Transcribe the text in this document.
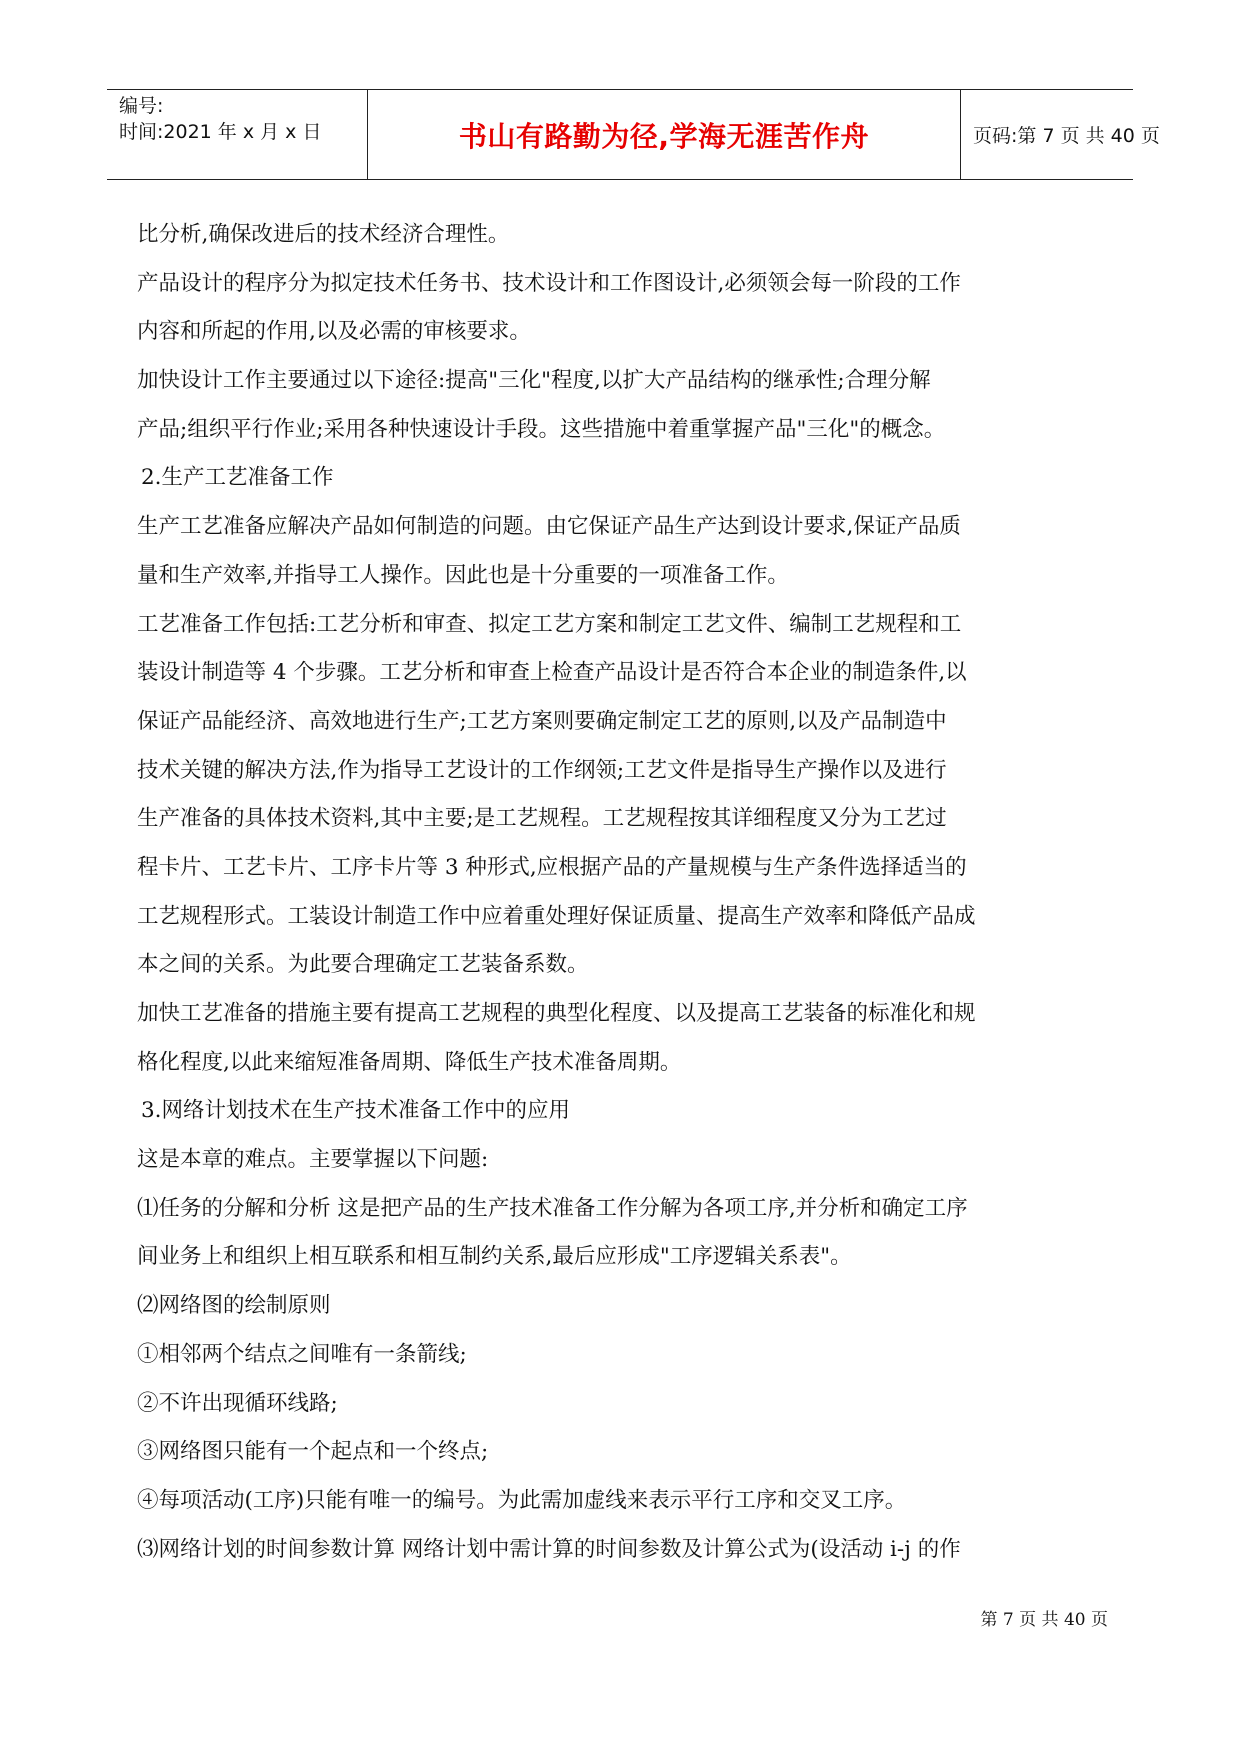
编号:
时间:2021 年 x 月 x 日	书山有路勤为径,学海无涯苦作舟	页码:第 7 页 共 40 页
比分析,确保改进后的技术经济合理性。
产品设计的程序分为拟定技术任务书、技术设计和工作图设计,必须领会每一阶段的工作
内容和所起的作用,以及必需的审核要求。
加快设计工作主要通过以下途径:提高"三化"程度,以扩大产品结构的继承性;合理分解
产品;组织平行作业;采用各种快速设计手段。这些措施中着重掌握产品"三化"的概念。
2.生产工艺准备工作
生产工艺准备应解决产品如何制造的问题。由它保证产品生产达到设计要求,保证产品质
量和生产效率,并指导工人操作。因此也是十分重要的一项准备工作。
工艺准备工作包括:工艺分析和审查、拟定工艺方案和制定工艺文件、编制工艺规程和工
装设计制造等 4 个步骤。工艺分析和审查上检查产品设计是否符合本企业的制造条件,以
保证产品能经济、高效地进行生产;工艺方案则要确定制定工艺的原则,以及产品制造中
技术关键的解决方法,作为指导工艺设计的工作纲领;工艺文件是指导生产操作以及进行
生产准备的具体技术资料,其中主要;是工艺规程。工艺规程按其详细程度又分为工艺过
程卡片、工艺卡片、工序卡片等 3 种形式,应根据产品的产量规模与生产条件选择适当的
工艺规程形式。工装设计制造工作中应着重处理好保证质量、提高生产效率和降低产品成
本之间的关系。为此要合理确定工艺装备系数。
加快工艺准备的措施主要有提高工艺规程的典型化程度、以及提高工艺装备的标准化和规
格化程度,以此来缩短准备周期、降低生产技术准备周期。
3.网络计划技术在生产技术准备工作中的应用
这是本章的难点。主要掌握以下问题:
⑴任务的分解和分析 这是把产品的生产技术准备工作分解为各项工序,并分析和确定工序
间业务上和组织上相互联系和相互制约关系,最后应形成"工序逻辑关系表"。
⑵网络图的绘制原则
①相邻两个结点之间唯有一条箭线;
②不许出现循环线路;
③网络图只能有一个起点和一个终点;
④每项活动(工序)只能有唯一的编号。为此需加虚线来表示平行工序和交叉工序。
⑶网络计划的时间参数计算 网络计划中需计算的时间参数及计算公式为(设活动 i-j 的作
第 7 页 共 40 页
